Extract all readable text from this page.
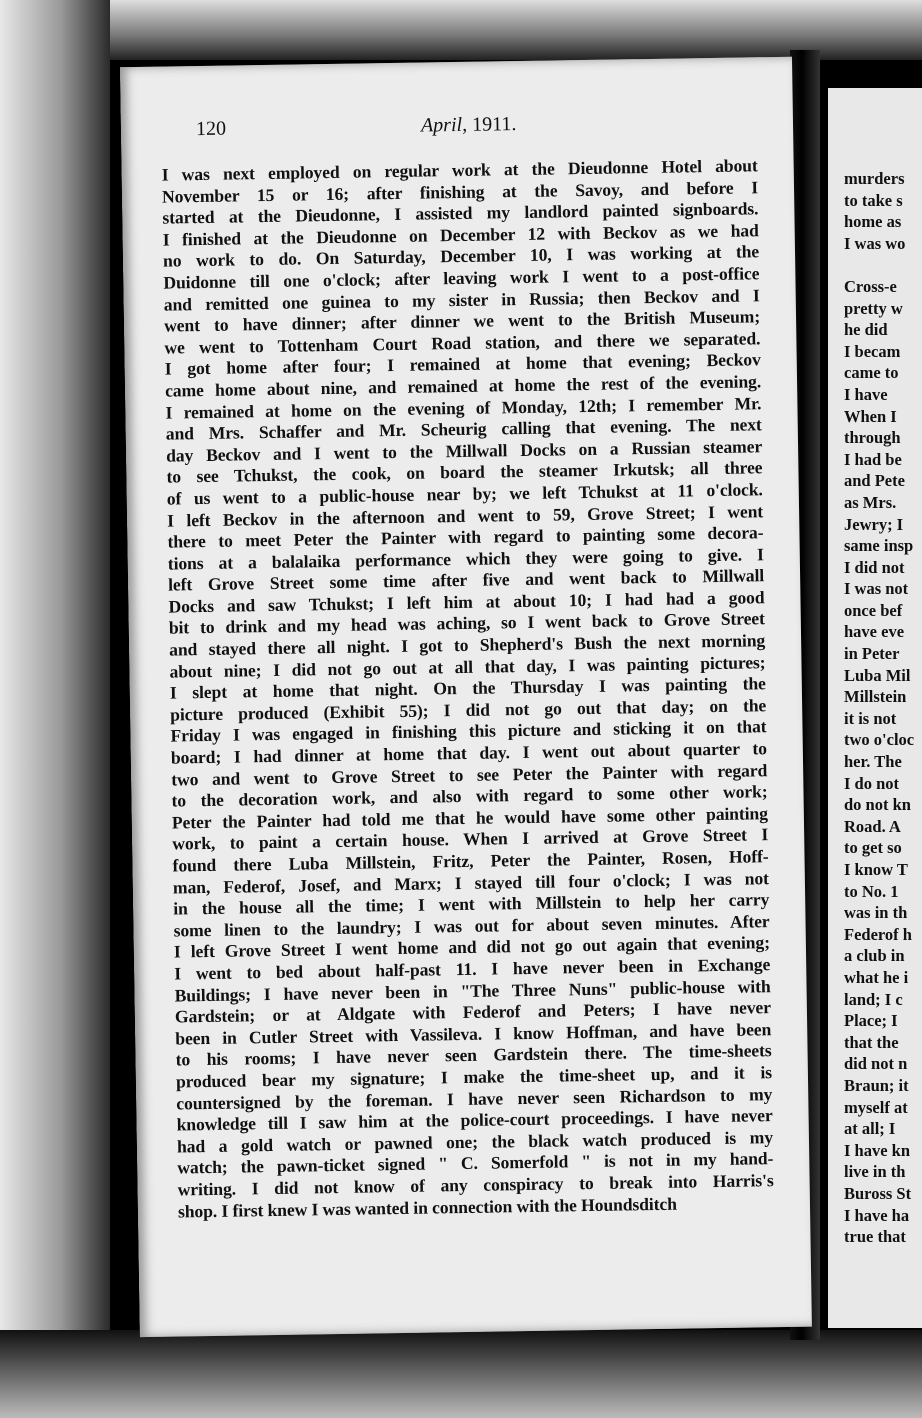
murders
to take s
home as
I was wo
Cross-e
pretty w
he did
I becam
came to
I have
When I
through
I had be
and Pete
as Mrs.
Jewry; I
same insp
I did not
I was not
once bef
have eve
in Peter
Luba Mil
Millstein
it is not
two o'cloc
her. The
I do not
do not kn
Road. A
to get so
I know T
to No. 1
was in th
Federof h
a club in
what he i
land; I c
Place; I
that the
did not n
Braun; it
myself at
at all; I
I have kn
live in th
Buross St
I have ha
true that
120	April, 1911.
I was next employed on regular work at the Dieudonne Hotel about
November 15 or 16; after finishing at the Savoy, and before I
started at the Dieudonne, I assisted my landlord painted signboards.
I finished at the Dieudonne on December 12 with Beckov as we had
no work to do. On Saturday, December 10, I was working at the
Duidonne till one o'clock; after leaving work I went to a post-office
and remitted one guinea to my sister in Russia; then Beckov and I
went to have dinner; after dinner we went to the British Museum;
we went to Tottenham Court Road station, and there we separated.
I got home after four; I remained at home that evening; Beckov
came home about nine, and remained at home the rest of the evening.
I remained at home on the evening of Monday, 12th; I remember Mr.
and Mrs. Schaffer and Mr. Scheurig calling that evening. The next
day Beckov and I went to the Millwall Docks on a Russian steamer
to see Tchukst, the cook, on board the steamer Irkutsk; all three
of us went to a public-house near by; we left Tchukst at 11 o'clock.
I left Beckov in the afternoon and went to 59, Grove Street; I went
there to meet Peter the Painter with regard to painting some decora-
tions at a balalaika performance which they were going to give. I
left Grove Street some time after five and went back to Millwall
Docks and saw Tchukst; I left him at about 10; I had had a good
bit to drink and my head was aching, so I went back to Grove Street
and stayed there all night. I got to Shepherd's Bush the next morning
about nine; I did not go out at all that day, I was painting pictures;
I slept at home that night. On the Thursday I was painting the
picture produced (Exhibit 55); I did not go out that day; on the
Friday I was engaged in finishing this picture and sticking it on that
board; I had dinner at home that day. I went out about quarter to
two and went to Grove Street to see Peter the Painter with regard
to the decoration work, and also with regard to some other work;
Peter the Painter had told me that he would have some other painting
work, to paint a certain house. When I arrived at Grove Street I
found there Luba Millstein, Fritz, Peter the Painter, Rosen, Hoff-
man, Federof, Josef, and Marx; I stayed till four o'clock; I was not
in the house all the time; I went with Millstein to help her carry
some linen to the laundry; I was out for about seven minutes. After
I left Grove Street I went home and did not go out again that evening;
I went to bed about half-past 11. I have never been in Exchange
Buildings; I have never been in "The Three Nuns" public-house with
Gardstein; or at Aldgate with Federof and Peters; I have never
been in Cutler Street with Vassileva. I know Hoffman, and have been
to his rooms; I have never seen Gardstein there. The time-sheets
produced bear my signature; I make the time-sheet up, and it is
countersigned by the foreman. I have never seen Richardson to my
knowledge till I saw him at the police-court proceedings. I have never
had a gold watch or pawned one; the black watch produced is my
watch; the pawn-ticket signed " C. Somerfold " is not in my hand-
writing. I did not know of any conspiracy to break into Harris's
shop. I first knew I was wanted in connection with the Houndsditch
